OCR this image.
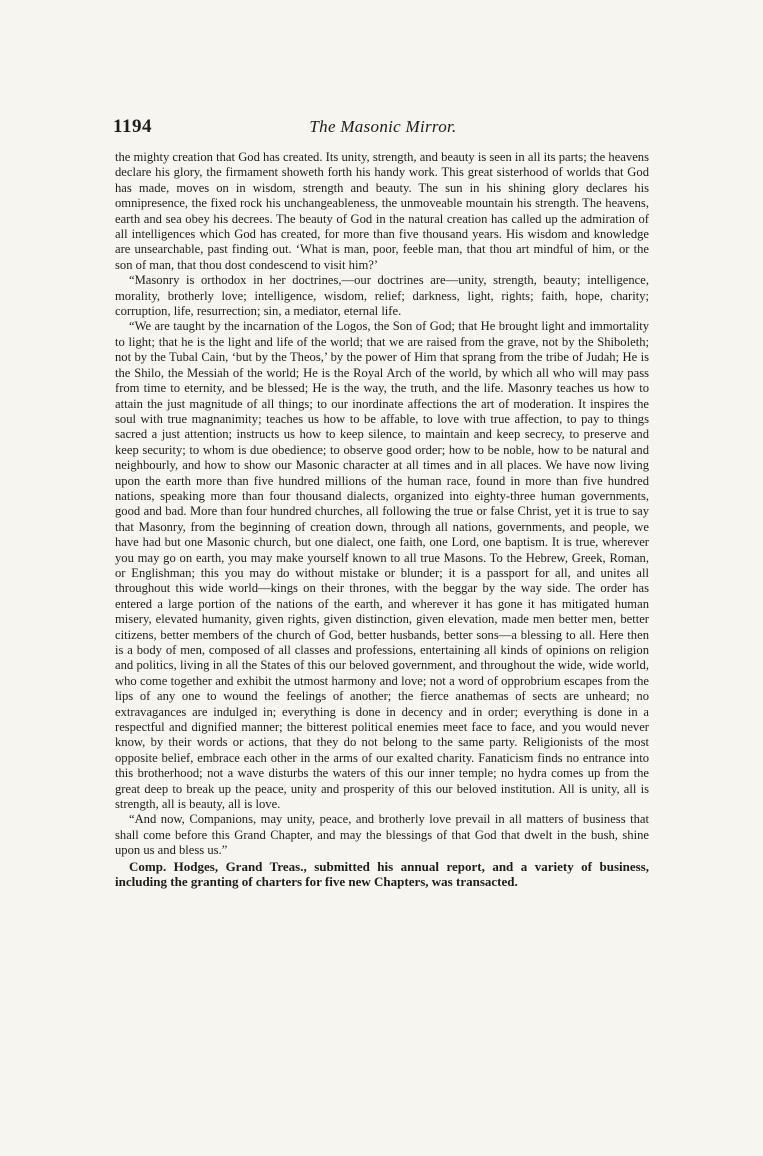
1194	The Masonic Mirror.

the mighty creation that God has created. Its unity, strength, and beauty is seen in all its parts; the heavens declare his glory, the firmament showeth forth his handy work. This great sisterhood of worlds that God has made, moves on in wisdom, strength and beauty. The sun in his shining glory declares his omnipresence, the fixed rock his unchangeableness, the unmoveable mountain his strength. The heavens, earth and sea obey his decrees. The beauty of God in the natural creation has called up the admiration of all intelligences which God has created, for more than five thousand years. His wisdom and knowledge are unsearchable, past finding out. ‘What is man, poor, feeble man, that thou art mindful of him, or the son of man, that thou dost condescend to visit him?’

“Masonry is orthodox in her doctrines,—our doctrines are—unity, strength, beauty; intelligence, morality, brotherly love; intelligence, wisdom, relief; darkness, light, rights; faith, hope, charity; corruption, life, resurrection; sin, a mediator, eternal life.

“We are taught by the incarnation of the Logos, the Son of God; that He brought light and immortality to light; that he is the light and life of the world; that we are raised from the grave, not by the Shiboleth; not by the Tubal Cain, ‘but by the Theos,’ by the power of Him that sprang from the tribe of Judah; He is the Shilo, the Messiah of the world; He is the Royal Arch of the world, by which all who will may pass from time to eternity, and be blessed; He is the way, the truth, and the life. Masonry teaches us how to attain the just magnitude of all things; to our inordinate affections the art of moderation. It inspires the soul with true magnanimity; teaches us how to be affable, to love with true affection, to pay to things sacred a just attention; instructs us how to keep silence, to maintain and keep secrecy, to preserve and keep security; to whom is due obedience; to observe good order; how to be noble, how to be natural and neighbourly, and how to show our Masonic character at all times and in all places. We have now living upon the earth more than five hundred millions of the human race, found in more than five hundred nations, speaking more than four thousand dialects, organized into eighty-three human governments, good and bad. More than four hundred churches, all following the true or false Christ, yet it is true to say that Masonry, from the beginning of creation down, through all nations, governments, and people, we have had but one Masonic church, but one dialect, one faith, one Lord, one baptism. It is true, wherever you may go on earth, you may make yourself known to all true Masons. To the Hebrew, Greek, Roman, or Englishman; this you may do without mistake or blunder; it is a passport for all, and unites all throughout this wide world—kings on their thrones, with the beggar by the way side. The order has entered a large portion of the nations of the earth, and wherever it has gone it has mitigated human misery, elevated humanity, given rights, given distinction, given elevation, made men better men, better citizens, better members of the church of God, better husbands, better sons—a blessing to all. Here then is a body of men, composed of all classes and professions, entertaining all kinds of opinions on religion and politics, living in all the States of this our beloved government, and throughout the wide, wide world, who come together and exhibit the utmost harmony and love; not a word of opprobrium escapes from the lips of any one to wound the feelings of another; the fierce anathemas of sects are unheard; no extravagances are indulged in; everything is done in decency and in order; everything is done in a respectful and dignified manner; the bitterest political enemies meet face to face, and you would never know, by their words or actions, that they do not belong to the same party. Religionists of the most opposite belief, embrace each other in the arms of our exalted charity. Fanaticism finds no entrance into this brotherhood; not a wave disturbs the waters of this our inner temple; no hydra comes up from the great deep to break up the peace, unity and prosperity of this our beloved institution. All is unity, all is strength, all is beauty, all is love.

“And now, Companions, may unity, peace, and brotherly love prevail in all matters of business that shall come before this Grand Chapter, and may the blessings of that God that dwelt in the bush, shine upon us and bless us.”

Comp. Hodges, Grand Treas., submitted his annual report, and a variety of business, including the granting of charters for five new Chapters, was transacted.
